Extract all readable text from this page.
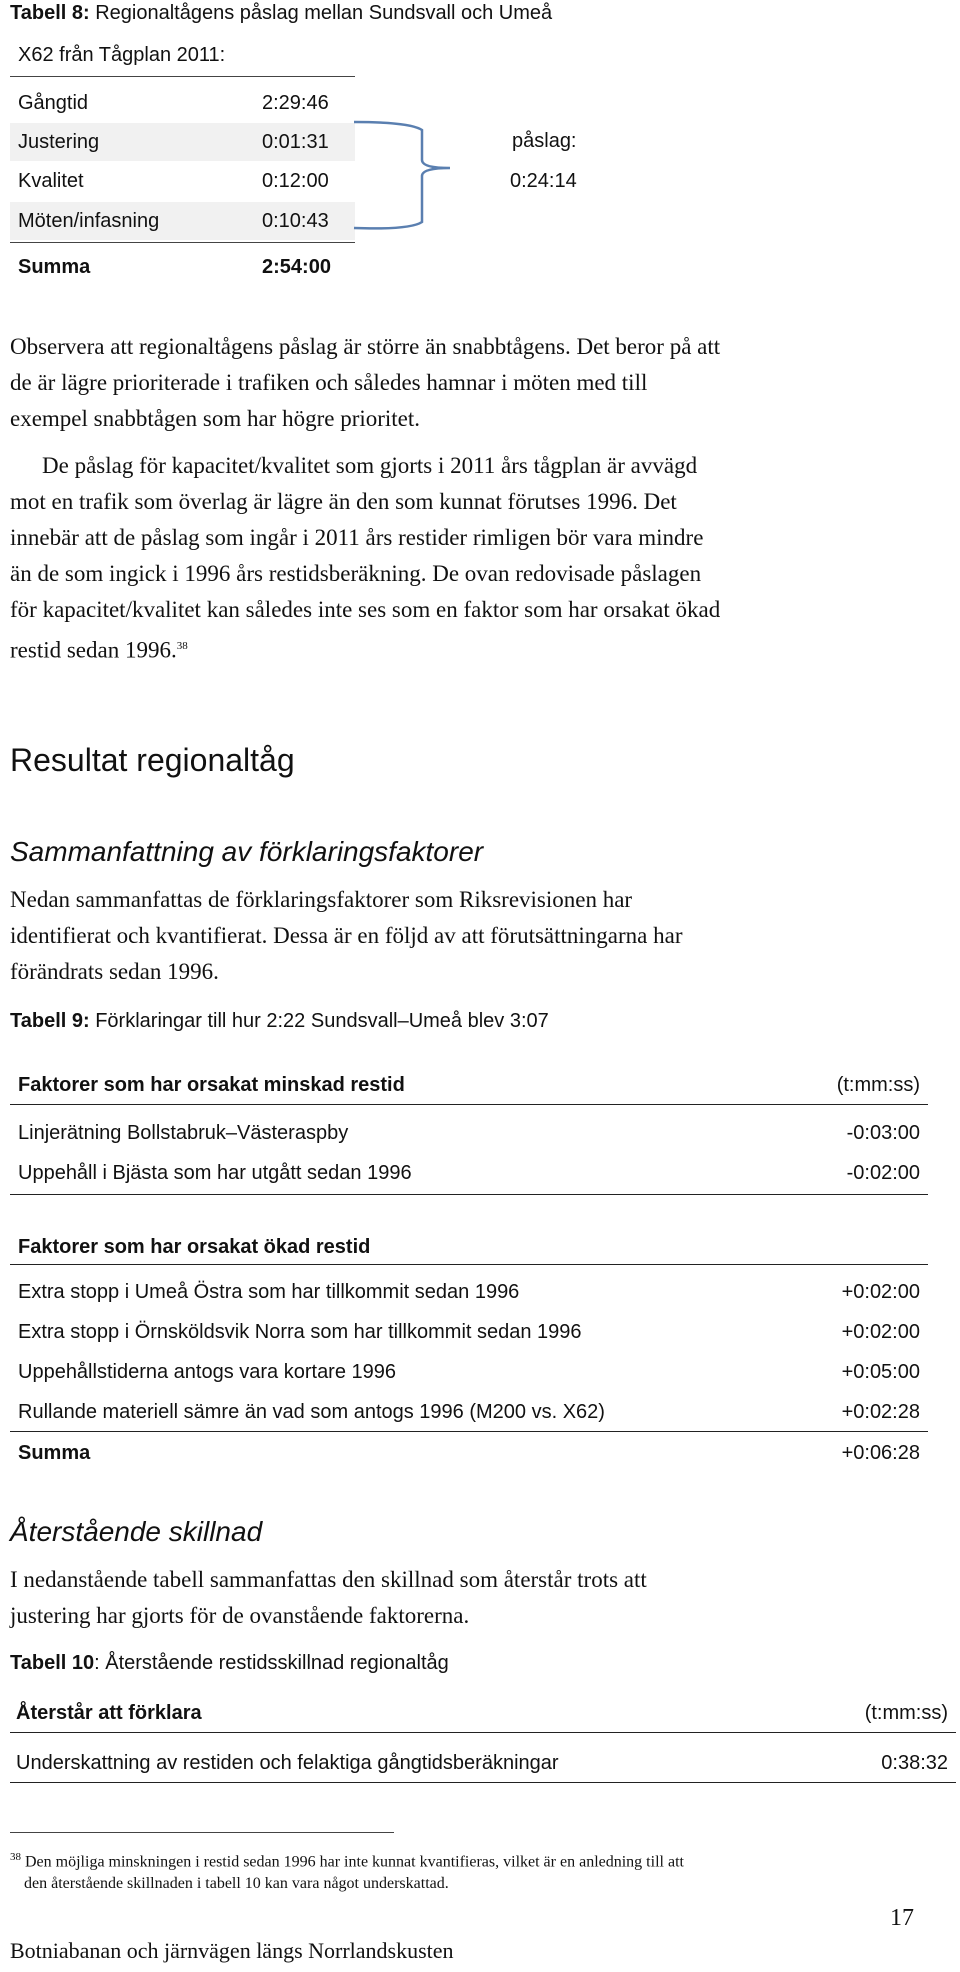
Tabell 8: Regionaltågens påslag mellan Sundsvall och Umeå
X62 från Tågplan 2011:
Gångtid	2:29:46
Justering	0:01:31
Kvalitet	0:12:00
Möten/infasning	0:10:43
Summa	2:54:00
påslag:
0:24:14
Observera att regionaltågens påslag är större än snabbtågens. Det beror på att
de är lägre prioriterade i trafiken och således hamnar i möten med till
exempel snabbtågen som har högre prioritet.
De påslag för kapacitet/kvalitet som gjorts i 2011 års tågplan är avvägd
mot en trafik som överlag är lägre än den som kunnat förutses 1996. Det
innebär att de påslag som ingår i 2011 års restider rimligen bör vara mindre
än de som ingick i 1996 års restidsberäkning. De ovan redovisade påslagen
för kapacitet/kvalitet kan således inte ses som en faktor som har orsakat ökad
restid sedan 1996.38
Resultat regionaltåg
Sammanfattning av förklaringsfaktorer
Nedan sammanfattas de förklaringsfaktorer som Riksrevisionen har
identifierat och kvantifierat. Dessa är en följd av att förutsättningarna har
förändrats sedan 1996.
Tabell 9: Förklaringar till hur 2:22 Sundsvall–Umeå blev 3:07
Faktorer som har orsakat minskad restid	(t:mm:ss)
Linjerätning Bollstabruk–Västeraspby	-0:03:00
Uppehåll i Bjästa som har utgått sedan 1996	-0:02:00
Faktorer som har orsakat ökad restid
Extra stopp i Umeå Östra som har tillkommit sedan 1996	+0:02:00
Extra stopp i Örnsköldsvik Norra som har tillkommit sedan 1996	+0:02:00
Uppehållstiderna antogs vara kortare 1996	+0:05:00
Rullande materiell sämre än vad som antogs 1996 (M200 vs. X62)	+0:02:28
Summa	+0:06:28
Återstående skillnad
I nedanstående tabell sammanfattas den skillnad som återstår trots att
justering har gjorts för de ovanstående faktorerna.
Tabell 10: Återstående restidsskillnad regionaltåg
Återstår att förklara	(t:mm:ss)
Underskattning av restiden och felaktiga gångtidsberäkningar	0:38:32
$^{38}$ Den möjliga minskningen i restid sedan 1996 har inte kunnat kvantifieras, vilket är en anledning till att
den återstående skillnaden i tabell 10 kan vara något underskattad.
17
Botniabanan och järnvägen längs Norrlandskusten
